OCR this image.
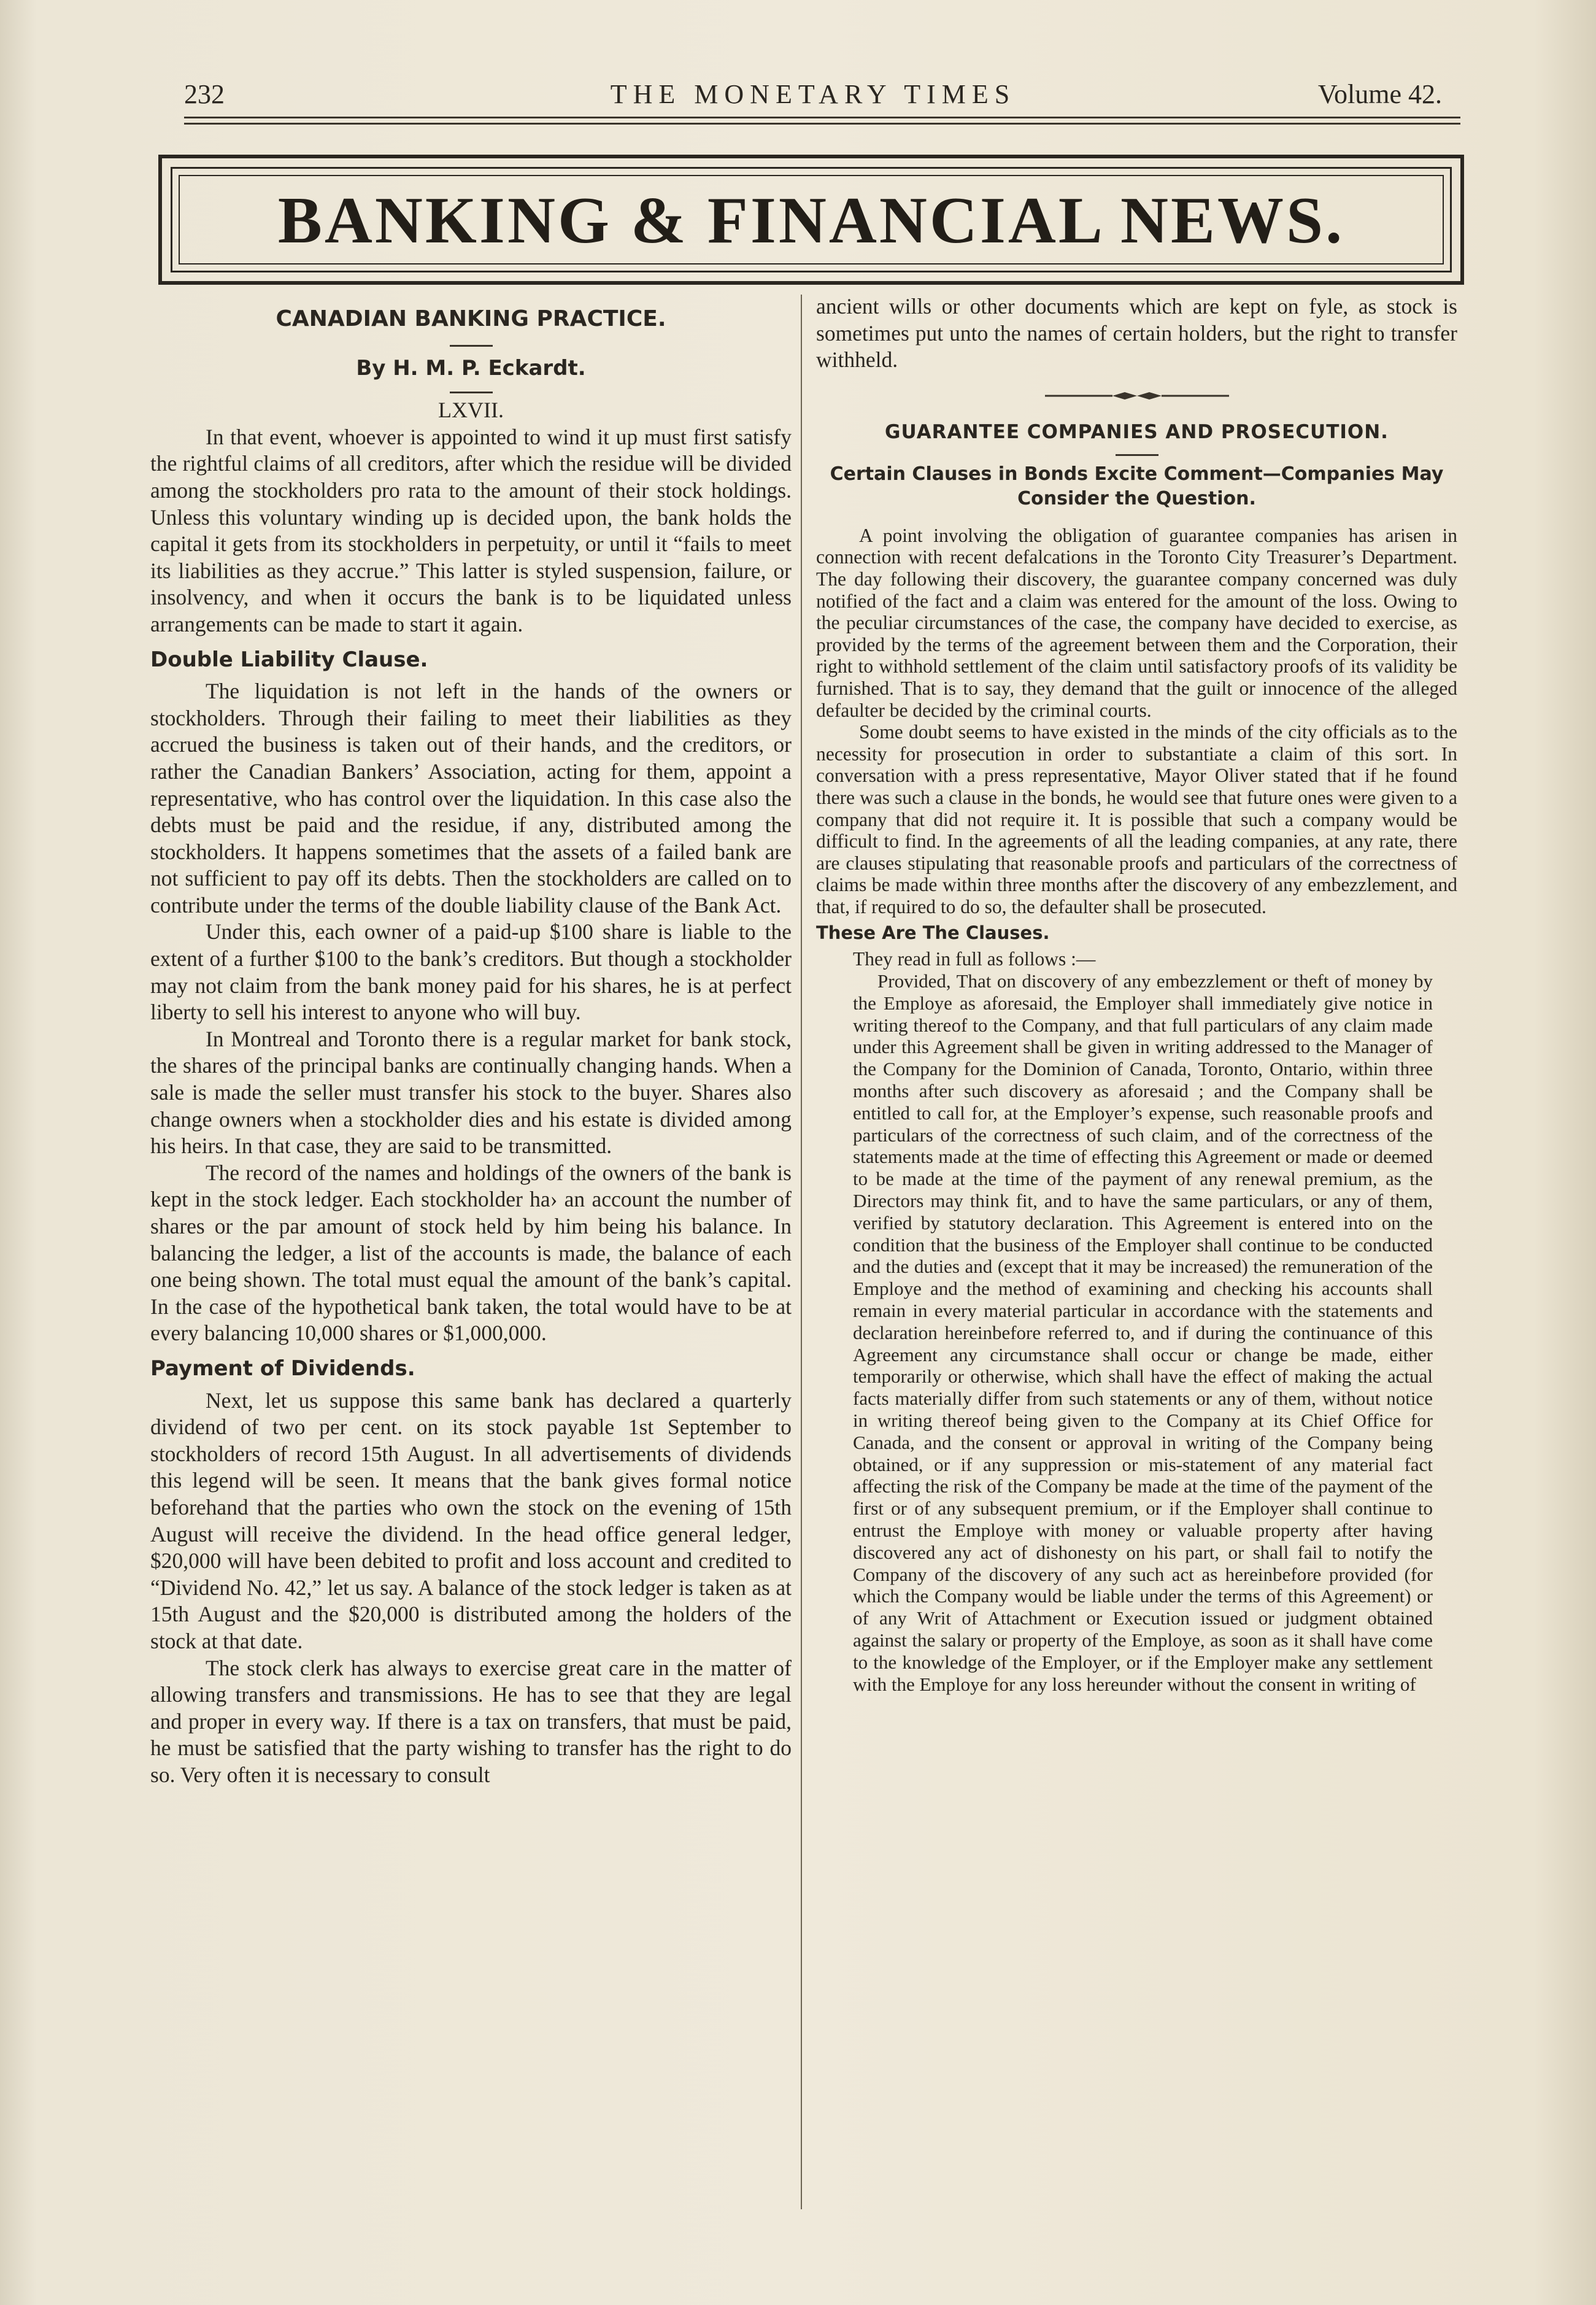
232	THE MONETARY TIMES	Volume 42.
BANKING & FINANCIAL NEWS.
CANADIAN BANKING PRACTICE.
By H. M. P. Eckardt.
LXVII.

In that event, whoever is appointed to wind it up must first satisfy the rightful claims of all creditors, after which the residue will be divided among the stockholders pro rata to the amount of their stock holdings. Unless this voluntary winding up is decided upon, the bank holds the capital it gets from its stockholders in perpetuity, or until it “fails to meet its liabilities as they accrue.” This latter is styled suspension, failure, or insolvency, and when it occurs the bank is to be liquidated unless arrangements can be made to start it again.

Double Liability Clause.

The liquidation is not left in the hands of the owners or stockholders. Through their failing to meet their liabilities as they accrued the business is taken out of their hands, and the creditors, or rather the Canadian Bankers’ Association, acting for them, appoint a representative, who has control over the liquidation. In this case also the debts must be paid and the residue, if any, distributed among the stockholders. It happens sometimes that the assets of a failed bank are not sufficient to pay off its debts. Then the stockholders are called on to contribute under the terms of the double liability clause of the Bank Act.

Under this, each owner of a paid-up $100 share is liable to the extent of a further $100 to the bank’s creditors. But though a stockholder may not claim from the bank money paid for his shares, he is at perfect liberty to sell his interest to anyone who will buy.

In Montreal and Toronto there is a regular market for bank stock, the shares of the principal banks are continually changing hands. When a sale is made the seller must transfer his stock to the buyer. Shares also change owners when a stockholder dies and his estate is divided among his heirs. In that case, they are said to be transmitted.

The record of the names and holdings of the owners of the bank is kept in the stock ledger. Each stockholder ha› an account the number of shares or the par amount of stock held by him being his balance. In balancing the ledger, a list of the accounts is made, the balance of each one being shown. The total must equal the amount of the bank’s capital. In the case of the hypothetical bank taken, the total would have to be at every balancing 10,000 shares or $1,000,000.

Payment of Dividends.

Next, let us suppose this same bank has declared a quarterly dividend of two per cent. on its stock payable 1st September to stockholders of record 15th August. In all advertisements of dividends this legend will be seen. It means that the bank gives formal notice beforehand that the parties who own the stock on the evening of 15th August will receive the dividend. In the head office general ledger, $20,000 will have been debited to profit and loss account and credited to “Dividend No. 42,” let us say. A balance of the stock ledger is taken as at 15th August and the $20,000 is distributed among the holders of the stock at that date.

The stock clerk has always to exercise great care in the matter of allowing transfers and transmissions. He has to see that they are legal and proper in every way. If there is a tax on transfers, that must be paid, he must be satisfied that the party wishing to transfer has the right to do so. Very often it is necessary to consult

ancient wills or other documents which are kept on fyle, as stock is sometimes put unto the names of certain holders, but the right to transfer withheld.

GUARANTEE COMPANIES AND PROSECUTION.
Certain Clauses in Bonds Excite Comment—Companies May Consider the Question.

A point involving the obligation of guarantee companies has arisen in connection with recent defalcations in the Toronto City Treasurer’s Department. The day following their discovery, the guarantee company concerned was duly notified of the fact and a claim was entered for the amount of the loss. Owing to the peculiar circumstances of the case, the company have decided to exercise, as provided by the terms of the agreement between them and the Corporation, their right to withhold settlement of the claim until satisfactory proofs of its validity be furnished. That is to say, they demand that the guilt or innocence of the alleged defaulter be decided by the criminal courts.

Some doubt seems to have existed in the minds of the city officials as to the necessity for prosecution in order to substantiate a claim of this sort. In conversation with a press representative, Mayor Oliver stated that if he found there was such a clause in the bonds, he would see that future ones were given to a company that did not require it. It is possible that such a company would be difficult to find. In the agreements of all the leading companies, at any rate, there are clauses stipulating that reasonable proofs and particulars of the correctness of claims be made within three months after the discovery of any embezzlement, and that, if required to do so, the defaulter shall be prosecuted.

These Are The Clauses.
They read in full as follows :—

Provided, That on discovery of any embezzlement or theft of money by the Employe as aforesaid, the Employer shall immediately give notice in writing thereof to the Company, and that full particulars of any claim made under this Agreement shall be given in writing addressed to the Manager of the Company for the Dominion of Canada, Toronto, Ontario, within three months after such discovery as aforesaid ; and the Company shall be entitled to call for, at the Employer’s expense, such reasonable proofs and particulars of the correctness of such claim, and of the correctness of the statements made at the time of effecting this Agreement or made or deemed to be made at the time of the payment of any renewal premium, as the Directors may think fit, and to have the same particulars, or any of them, verified by statutory declaration. This Agreement is entered into on the condition that the business of the Employer shall continue to be conducted and the duties and (except that it may be increased) the remuneration of the Employe and the method of examining and checking his accounts shall remain in every material particular in accordance with the statements and declaration hereinbefore referred to, and if during the continuance of this Agreement any circumstance shall occur or change be made, either temporarily or otherwise, which shall have the effect of making the actual facts materially differ from such statements or any of them, without notice in writing thereof being given to the Company at its Chief Office for Canada, and the consent or approval in writing of the Company being obtained, or if any suppression or mis-statement of any material fact affecting the risk of the Company be made at the time of the payment of the first or of any subsequent premium, or if the Employer shall continue to entrust the Employe with money or valuable property after having discovered any act of dishonesty on his part, or shall fail to notify the Company of the discovery of any such act as hereinbefore provided (for which the Company would be liable under the terms of this Agreement) or of any Writ of Attachment or Execution issued or judgment obtained against the salary or property of the Employe, as soon as it shall have come to the knowledge of the Employer, or if the Employer make any settlement with the Employe for any loss hereunder without the consent in writing of
